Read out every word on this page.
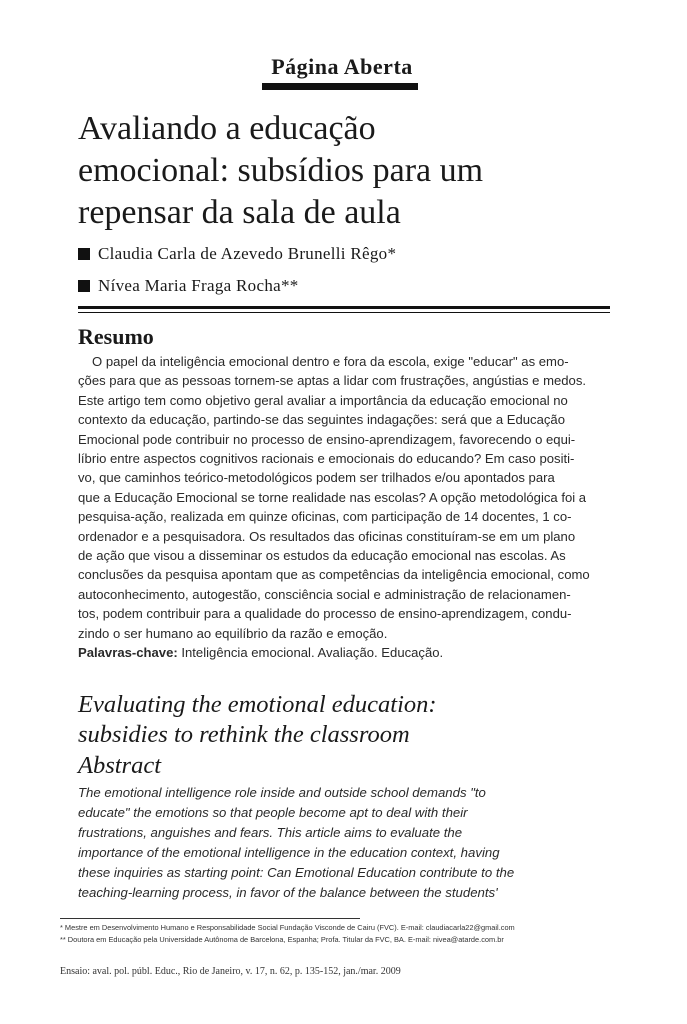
Página Aberta
Avaliando a educação
emocional: subsídios para um
repensar da sala de aula
Claudia Carla de Azevedo Brunelli Rêgo*
Nívea Maria Fraga Rocha**
Resumo
O papel da inteligência emocional dentro e fora da escola, exige "educar" as emo-
ções para que as pessoas tornem-se aptas a lidar com frustrações, angústias e medos.
Este artigo tem como objetivo geral avaliar a importância da educação emocional no
contexto da educação, partindo-se das seguintes indagações: será que a Educação
Emocional pode contribuir no processo de ensino-aprendizagem, favorecendo o equi-
líbrio entre aspectos cognitivos racionais e emocionais do educando? Em caso positi-
vo, que caminhos teórico-metodológicos podem ser trilhados e/ou apontados para
que a Educação Emocional se torne realidade nas escolas? A opção metodológica foi a
pesquisa-ação, realizada em quinze oficinas, com participação de 14 docentes, 1 co-
ordenador e a pesquisadora. Os resultados das oficinas constituíram-se em um plano
de ação que visou a disseminar os estudos da educação emocional nas escolas. As
conclusões da pesquisa apontam que as competências da inteligência emocional, como
autoconhecimento, autogestão, consciência social e administração de relacionamen-
tos, podem contribuir para a qualidade do processo de ensino-aprendizagem, condu-
zindo o ser humano ao equilíbrio da razão e emoção.
Palavras-chave: Inteligência emocional. Avaliação. Educação.
Evaluating the emotional education:
subsidies to rethink the classroom
Abstract
The emotional intelligence role inside and outside school demands "to
educate" the emotions so that people become apt to deal with their
frustrations, anguishes and fears. This article aims to evaluate the
importance of the emotional intelligence in the education context, having
these inquiries as starting point: Can Emotional Education contribute to the
teaching-learning process, in favor of the balance between the students'
* Mestre em Desenvolvimento Humano e Responsabilidade Social Fundação Visconde de Cairu (FVC). E-mail: claudiacarla22@gmail.com
** Doutora em Educação pela Universidade Autônoma de Barcelona, Espanha; Profa. Titular da FVC, BA. E-mail: nivea@atarde.com.br
Ensaio: aval. pol. públ. Educ., Rio de Janeiro, v. 17, n. 62, p. 135-152, jan./mar. 2009
